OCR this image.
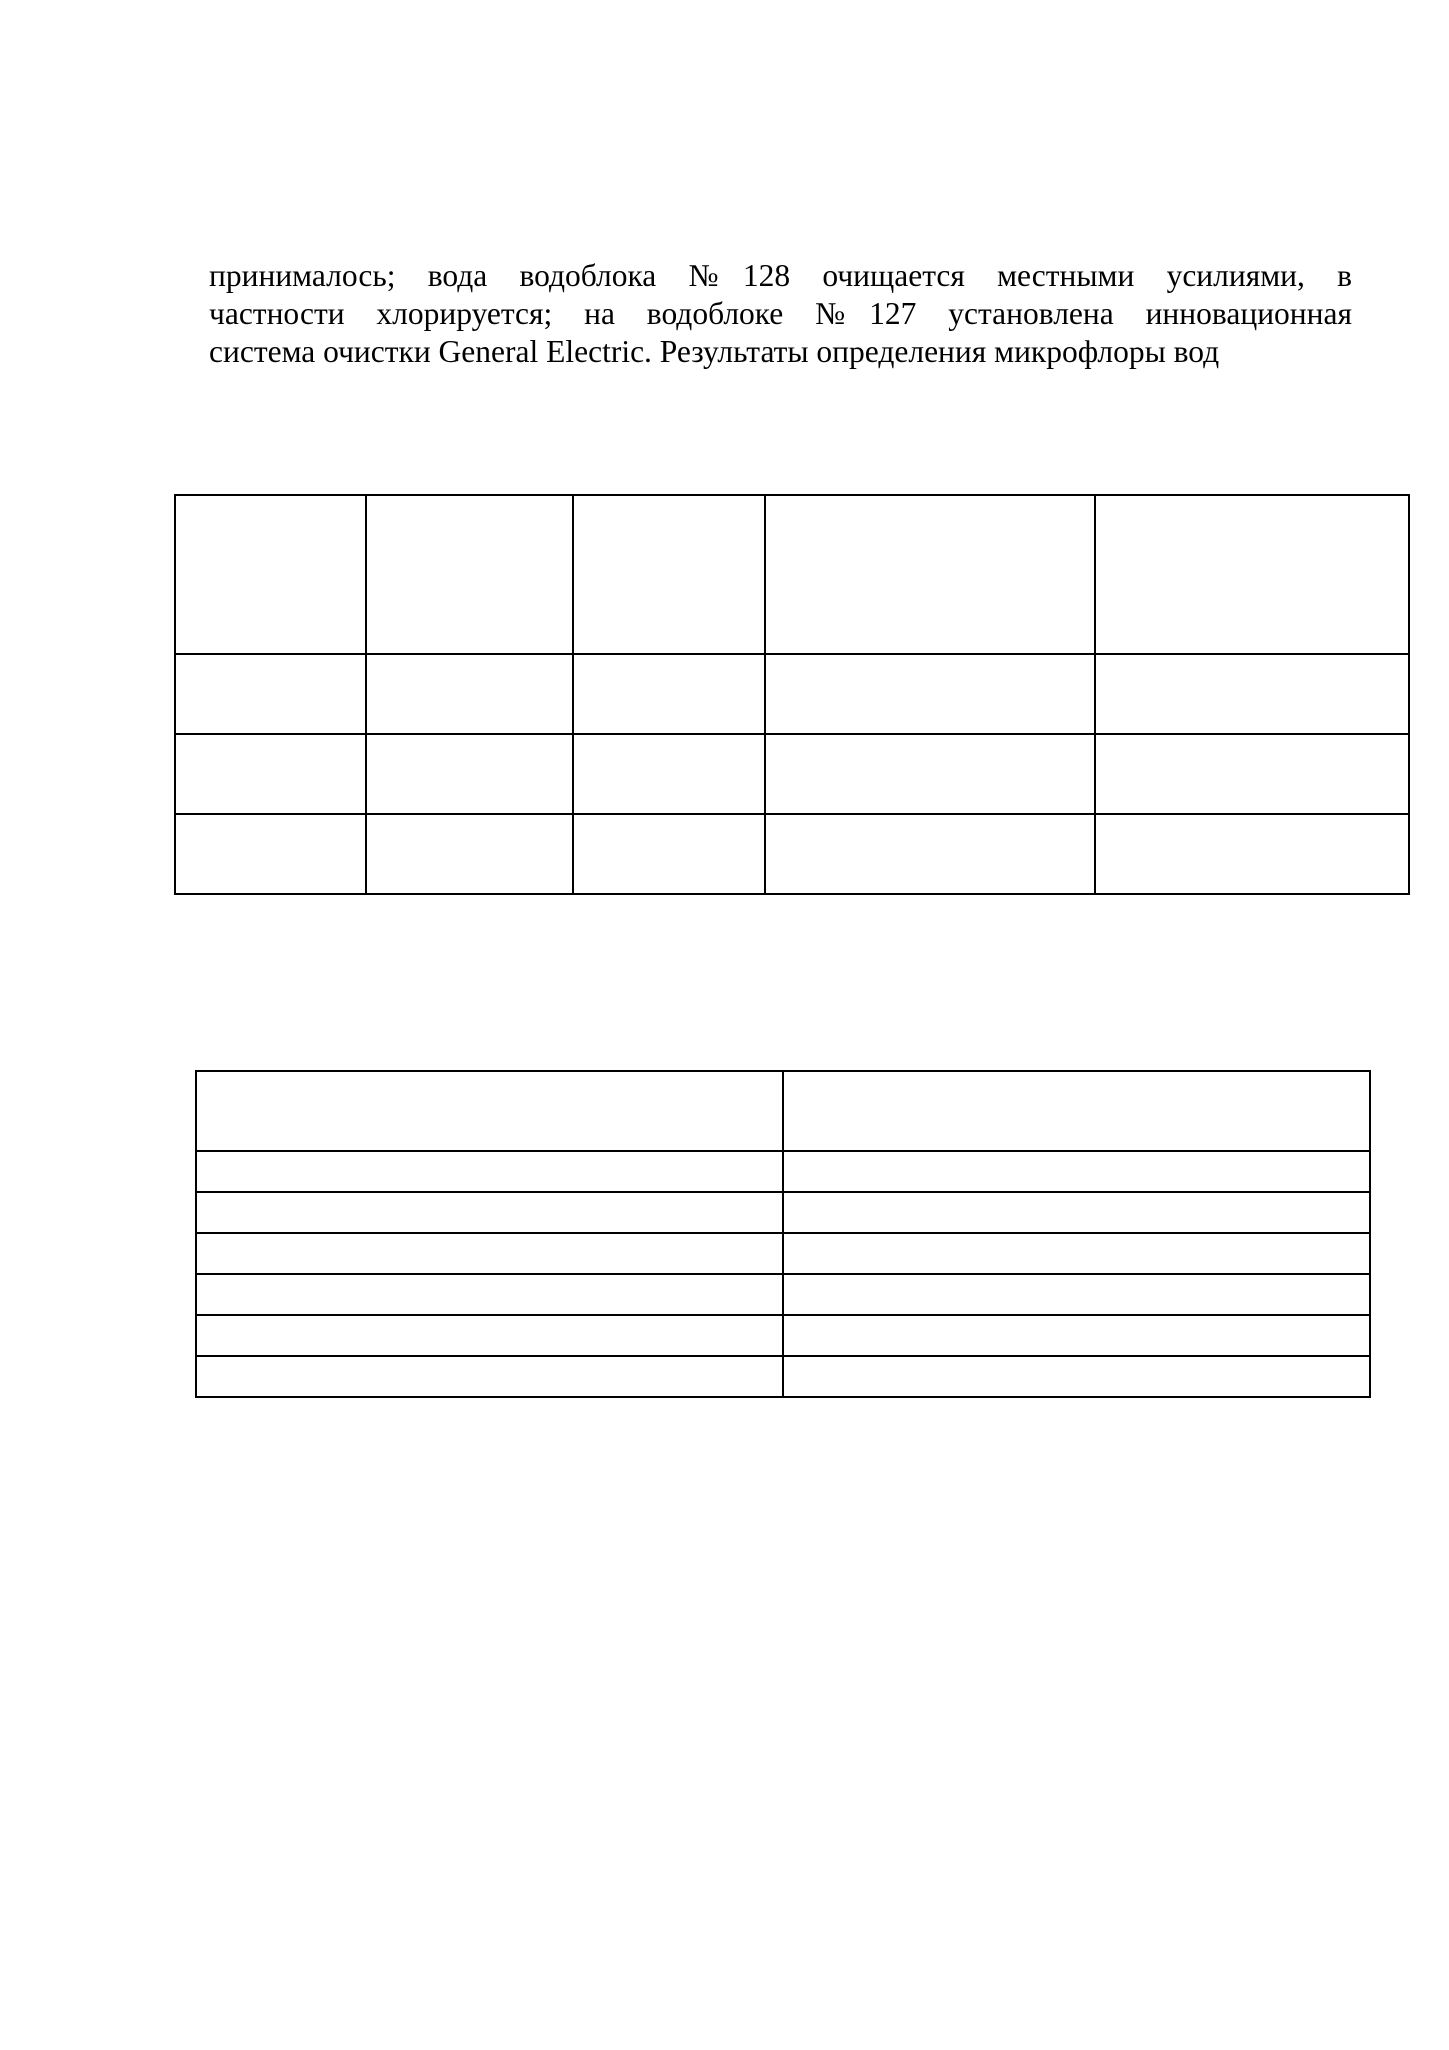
принималось; вода водоблока №128 очищается местными усилиями, в
частности хлорируется; на водоблоке №127 установлена инновационная
система очистки General Electric. Результаты определения микрофлоры вод
